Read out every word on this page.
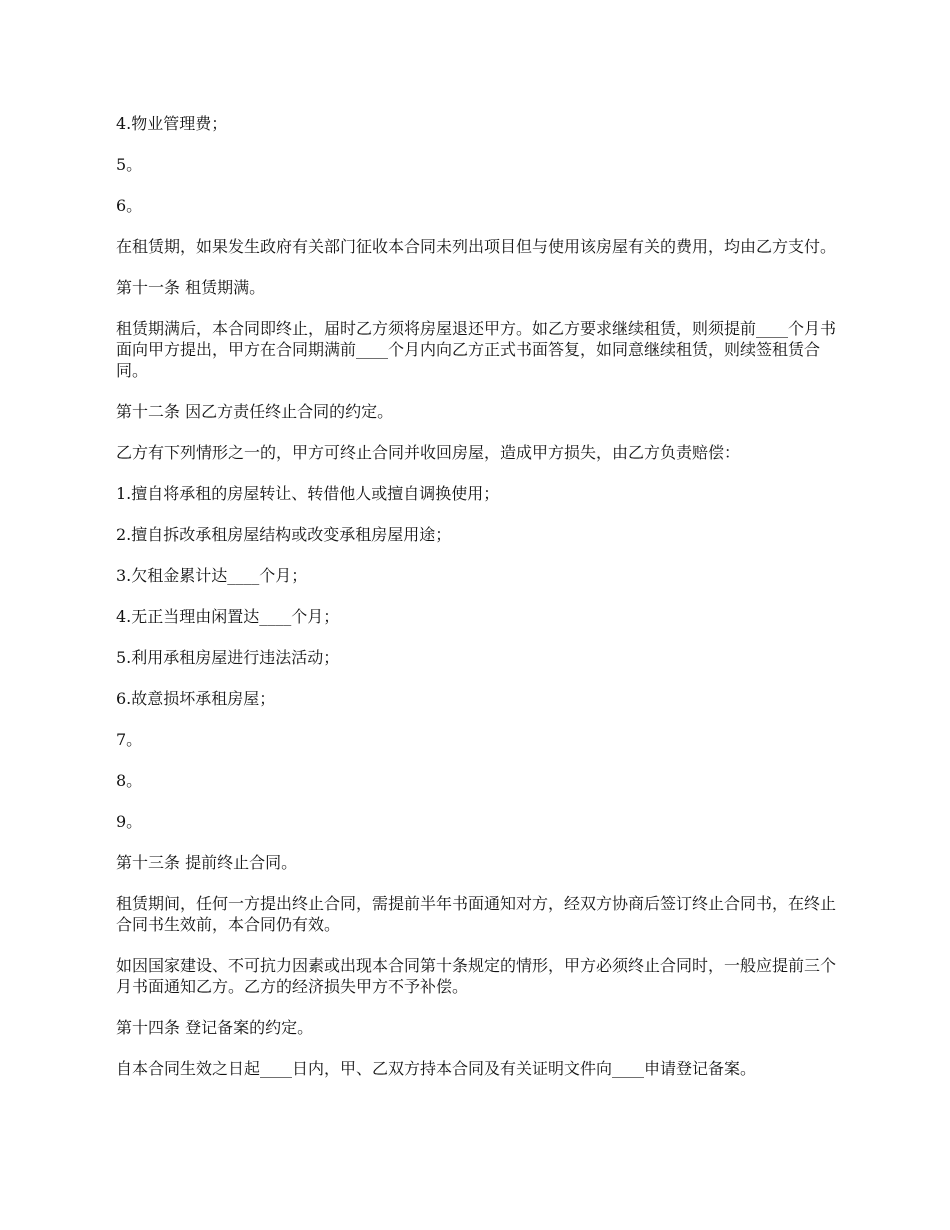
4.物业管理费；

5。

6。

在租赁期，如果发生政府有关部门征收本合同未列出项目但与使用该房屋有关的费用，均由乙方支付。

第十一条 租赁期满。

租赁期满后，本合同即终止，届时乙方须将房屋退还甲方。如乙方要求继续租赁，则须提前____个月书面向甲方提出，甲方在合同期满前____个月内向乙方正式书面答复，如同意继续租赁，则续签租赁合同。

第十二条 因乙方责任终止合同的约定。

乙方有下列情形之一的，甲方可终止合同并收回房屋，造成甲方损失，由乙方负责赔偿：

1.擅自将承租的房屋转让、转借他人或擅自调换使用；

2.擅自拆改承租房屋结构或改变承租房屋用途；

3.欠租金累计达____个月；

4.无正当理由闲置达____个月；

5.利用承租房屋进行违法活动；

6.故意损坏承租房屋；

7。

8。

9。

第十三条 提前终止合同。

租赁期间，任何一方提出终止合同，需提前半年书面通知对方，经双方协商后签订终止合同书，在终止合同书生效前，本合同仍有效。

如因国家建设、不可抗力因素或出现本合同第十条规定的情形，甲方必须终止合同时，一般应提前三个月书面通知乙方。乙方的经济损失甲方不予补偿。

第十四条 登记备案的约定。

自本合同生效之日起____日内，甲、乙双方持本合同及有关证明文件向____申请登记备案。
